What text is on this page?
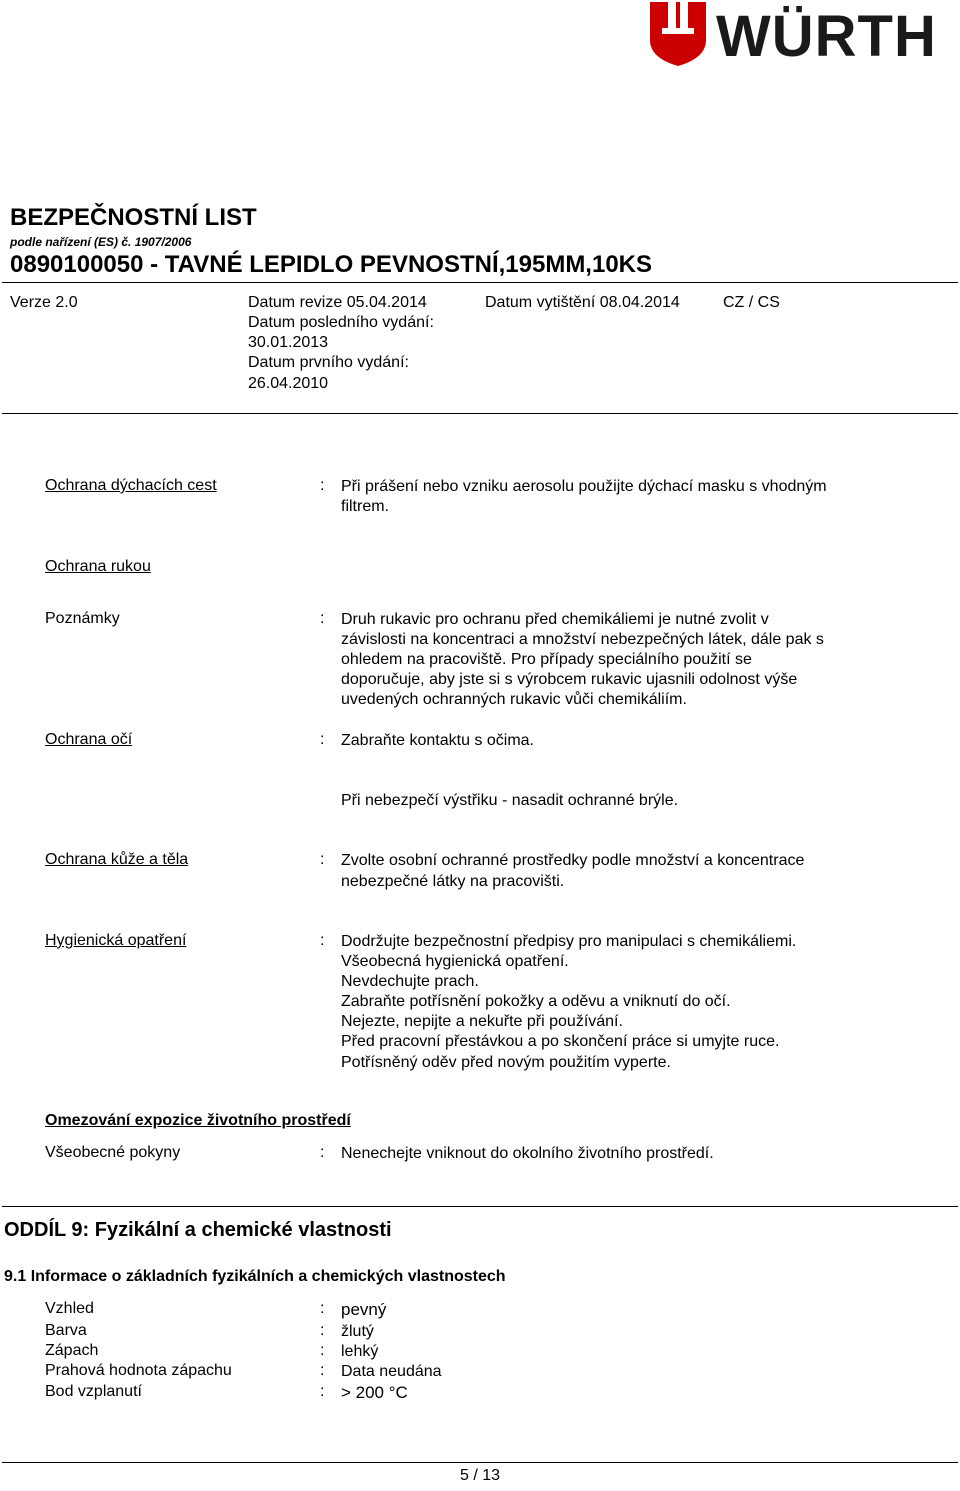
WÜRTH
BEZPEČNOSTNÍ LIST
podle nařízení (ES) č. 1907/2006
0890100050 - TAVNÉ LEPIDLO PEVNOSTNÍ,195MM,10KS
Verze 2.0	Datum revize 05.04.2014
Datum posledního vydání:
30.01.2013
Datum prvního vydání:
26.04.2010
Datum vytištění 08.04.2014	CZ / CS
Ochrana dýchacích cest	: Při prášení nebo vzniku aerosolu použijte dýchací masku s vhodným
filtrem.
Ochrana rukou
Poznámky	: Druh rukavic pro ochranu před chemikáliemi je nutné zvolit v
závislosti na koncentraci a množství nebezpečných látek, dále pak s
ohledem na pracoviště. Pro případy speciálního použití se
doporučuje, aby jste si s výrobcem rukavic ujasnili odolnost výše
uvedených ochranných rukavic vůči chemikáliím.
Ochrana očí	: Zabraňte kontaktu s očima.
Při nebezpečí výstřiku - nasadit ochranné brýle.
Ochrana kůže a těla	: Zvolte osobní ochranné prostředky podle množství a koncentrace
nebezpečné látky na pracovišti.
Hygienická opatření	: Dodržujte bezpečnostní předpisy pro manipulaci s chemikáliemi.
Všeobecná hygienická opatření.
Nevdechujte prach.
Zabraňte potřísnění pokožky a oděvu a vniknutí do očí.
Nejezte, nepijte a nekuřte při používání.
Před pracovní přestávkou a po skončení práce si umyjte ruce.
Potřísněný oděv před novým použitím vyperte.
Omezování expozice životního prostředí
Všeobecné pokyny	: Nenechejte vniknout do okolního životního prostředí.
ODDÍL 9: Fyzikální a chemické vlastnosti
9.1 Informace o základních fyzikálních a chemických vlastnostech
Vzhled	: pevný
Barva	: žlutý
Zápach	: lehký
Prahová hodnota zápachu	: Data neudána
Bod vzplanutí	: > 200 °C
5 / 13
